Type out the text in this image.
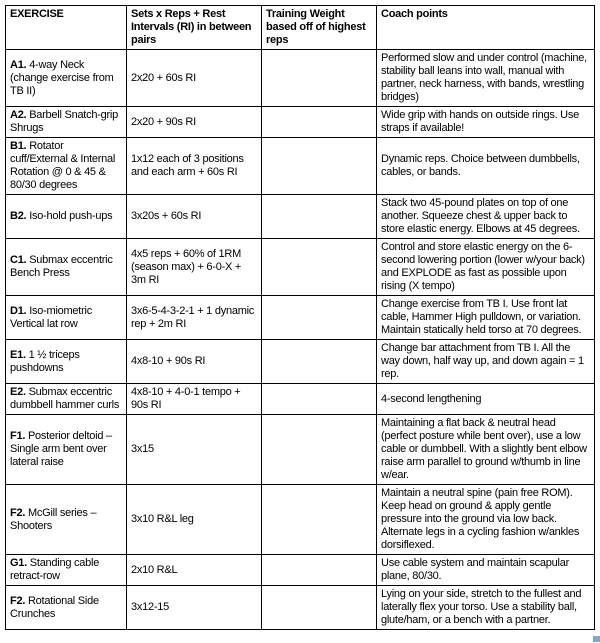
EXERCISE	Sets x Reps + Rest Intervals (RI) in between pairs	Training Weight based off of highest reps	Coach points
A1. 4-way Neck (change exercise from TB II)	2x20 + 60s RI		Performed slow and under control (machine, stability ball leans into wall, manual with partner, neck harness, with bands, wrestling bridges)
A2. Barbell Snatch-grip Shrugs	2x20 + 90s RI		Wide grip with hands on outside rings. Use straps if available!
B1. Rotator cuff/External & Internal Rotation @ 0 & 45 & 80/30 degrees	1x12 each of 3 positions and each arm + 60s RI		Dynamic reps. Choice between dumbbells, cables, or bands.
B2. Iso-hold push-ups	3x20s + 60s RI		Stack two 45-pound plates on top of one another. Squeeze chest & upper back to store elastic energy. Elbows at 45 degrees.
C1. Submax eccentric Bench Press	4x5 reps + 60% of 1RM (season max) + 6-0-X + 3m RI		Control and store elastic energy on the 6-second lowering portion (lower w/your back) and EXPLODE as fast as possible upon rising (X tempo)
D1. Iso-miometric Vertical lat row	3x6-5-4-3-2-1 + 1 dynamic rep + 2m RI		Change exercise from TB I. Use front lat cable, Hammer High pulldown, or variation. Maintain statically held torso at 70 degrees.
E1. 1 ½ triceps pushdowns	4x8-10 + 90s RI		Change bar attachment from TB I. All the way down, half way up, and down again = 1 rep.
E2. Submax eccentric dumbbell hammer curls	4x8-10 + 4-0-1 tempo + 90s RI		4-second lengthening
F1. Posterior deltoid – Single arm bent over lateral raise	3x15		Maintaining a flat back & neutral head (perfect posture while bent over), use a low cable or dumbbell. With a slightly bent elbow raise arm parallel to ground w/thumb in line w/ear.
F2. McGill series – Shooters	3x10 R&L leg		Maintain a neutral spine (pain free ROM). Keep head on ground & apply gentle pressure into the ground via low back. Alternate legs in a cycling fashion w/ankles dorsiflexed.
G1. Standing cable retract-row	2x10 R&L		Use cable system and maintain scapular plane, 80/30.
F2. Rotational Side Crunches	3x12-15		Lying on your side, stretch to the fullest and laterally flex your torso. Use a stability ball, glute/ham, or a bench with a partner.
